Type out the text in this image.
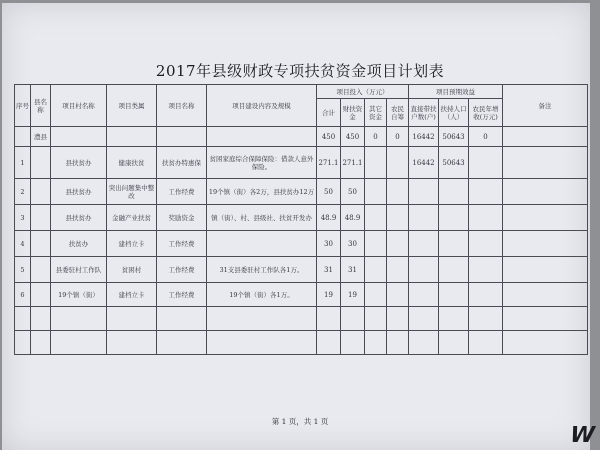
2017年县级财政专项扶贫资金项目计划表
序号	县名称	项目村名称	项目类属	项目名称	项目建设内容及规模	项目投入（万元）				项目预期效益			备注
						合计	财扶资金	其它资金	农民自筹	直接带扶户数(户)	扶持人口（人）	农民年增收(万元)	
	澧县					450	450	0	0	16442	50643	0	
1		县扶贫办	健康扶贫	扶贫办特惠保	贫困家庭综合保障保险：借款人意外保险。	271.1	271.1			16442	50643		
2		县扶贫办	突出问题集中整改	工作经费	19个镇（街）各2万，县扶贫办12万	50	50						
3		县扶贫办	金融产业扶贫	奖励资金	镇（街）、村、县级社、扶贫开发办	48.9	48.9						
4		扶贫办	建档立卡	工作经费		30	30						
5		县委驻村工作队	贫困村	工作经费	31支县委驻村工作队各1万。	31	31						
6		19个镇（街）	建档立卡	工作经费	19个镇（街）各1万。	19	19						

第 1 页，共 1 页
W
